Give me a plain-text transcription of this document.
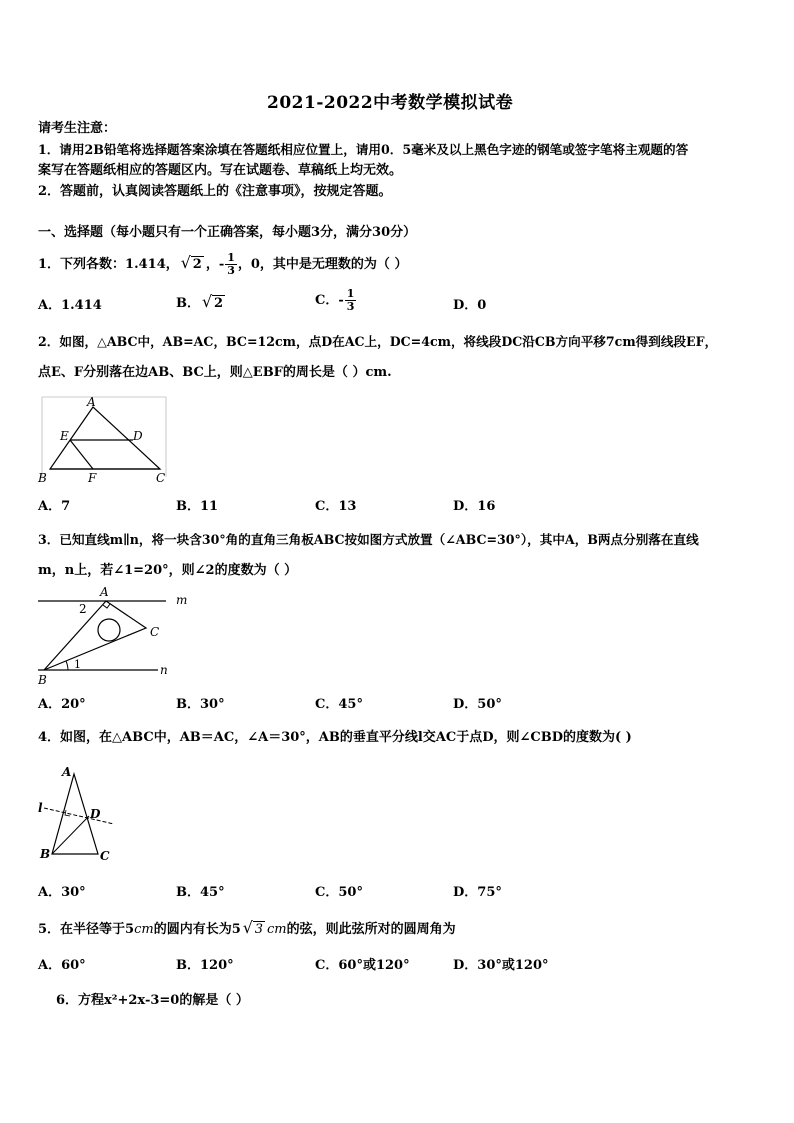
2021-2022中考数学模拟试卷
请考生注意：
1．请用2B铅笔将选择题答案涂填在答题纸相应位置上，请用0．5毫米及以上黑色字迹的钢笔或签字笔将主观题的答
案写在答题纸相应的答题区内。写在试题卷、草稿纸上均无效。
2．答题前，认真阅读答题纸上的《注意事项》，按规定答题。
一、选择题（每小题只有一个正确答案，每小题3分，满分30分）
1．下列各数：1.414， √ 2 ，- $\frac{1}{3}$ ，0，其中是无理数的为（ ）
A．1.414	B． √ 2	C．- $\frac{1}{3}$	D．0
2．如图，△ABC中，AB=AC，BC=12cm，点D在AC上，DC=4cm，将线段DC沿CB方向平移7cm得到线段EF，
点E、F分别落在边AB、BC上，则△EBF的周长是（ ）cm.
A
E	D
B	F	C
A．7	B．11	C．13	D．16
3．已知直线m∥n，将一块含30°角的直角三角板ABC按如图方式放置（∠ABC=30°），其中A，B两点分别落在直线
m，n上，若∠1=20°，则∠2的度数为（ ）
A
2
m
C
1	n
B
A．20°	B．30°	C．45°	D．50°
4．如图，在△ABC中，AB＝AC，∠A＝30°，AB的垂直平分线l交AC于点D，则∠CBD的度数为( )
A
l	D
B	C
A．30°	B．45°	C．50°	D．75°
5．在半径等于5cm的圆内有长为5 √ 3 cm的弦，则此弦所对的圆周角为
A．60°	B．120°	C．60°或120°	D．30°或120°
6．方程x²+2x-3=0的解是（ ）
